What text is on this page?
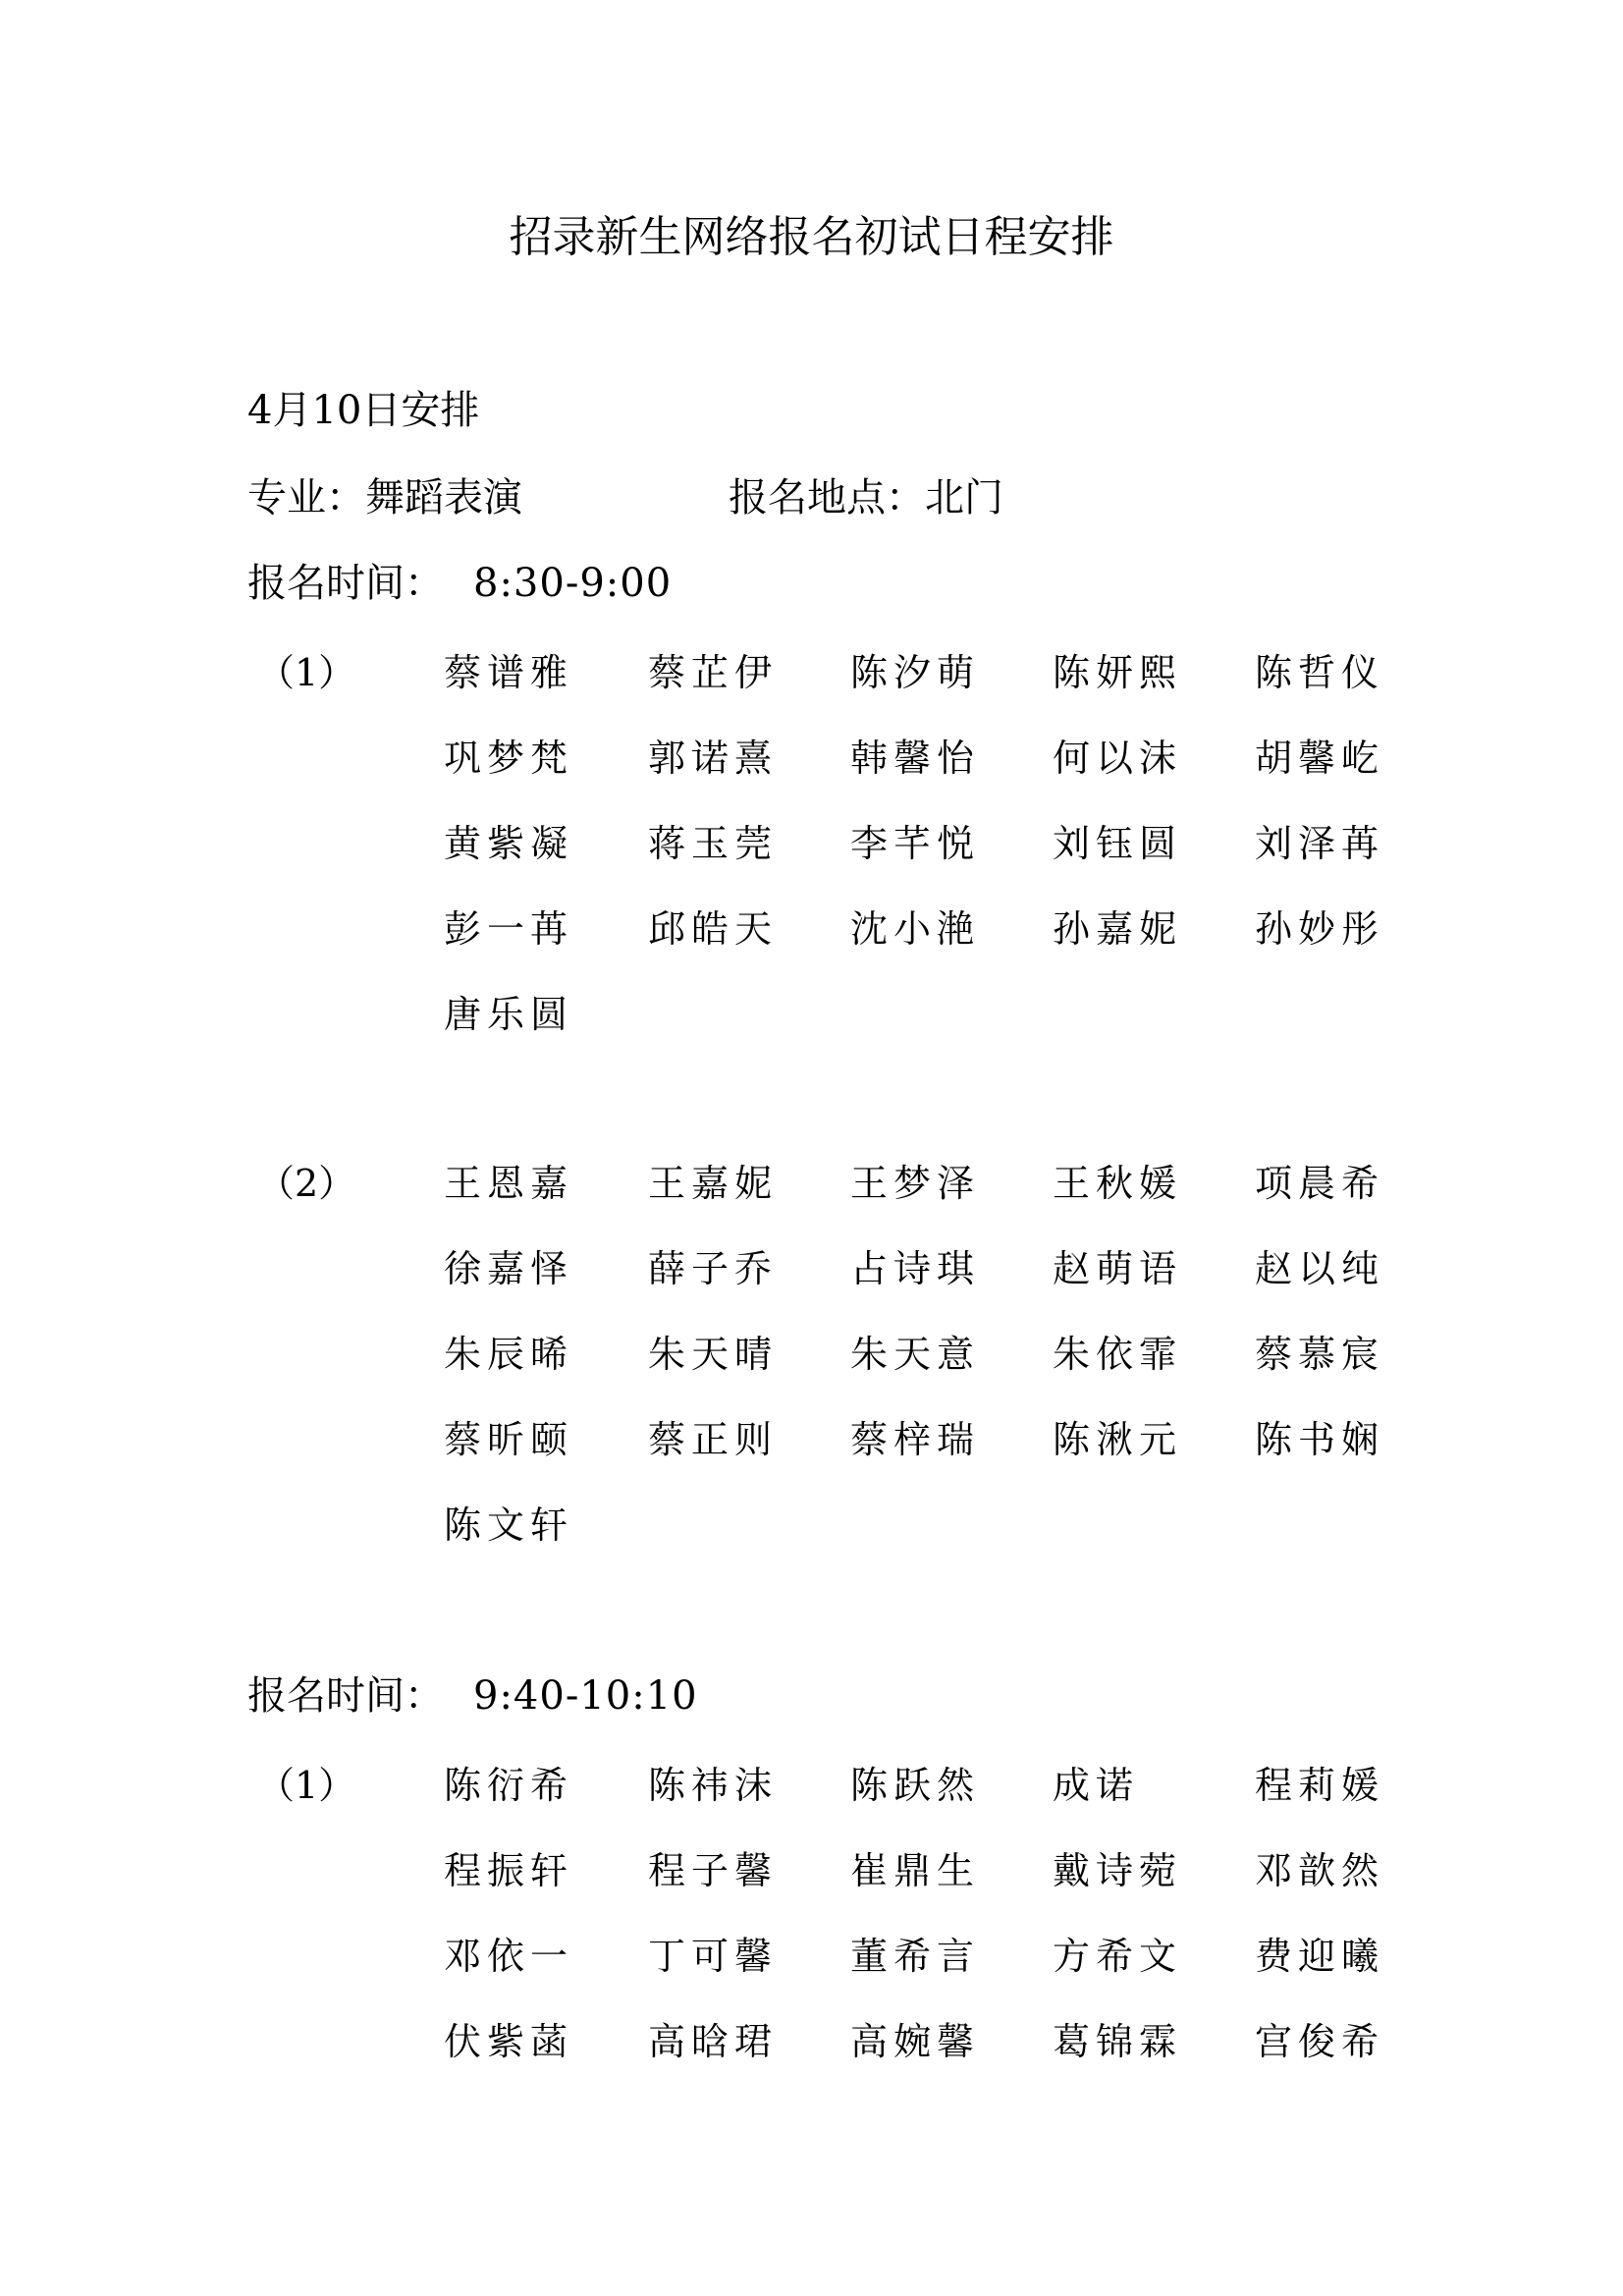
招录新生网络报名初试日程安排
4月10日安排
专业：舞蹈表演	报名地点：北门
报名时间： 8:30-9:00
报名时间： 9:40-10:10
（1） 蔡谱雅 蔡芷伊 陈汐萌 陈妍熙 陈哲仪
巩梦梵 郭诺熹 韩馨怡 何以沫 胡馨屹
黄紫凝 蒋玉莞 李芊悦 刘钰圆 刘泽苒
彭一苒 邱皓天 沈小滟 孙嘉妮 孙妙彤
唐乐圆
（2） 王恩嘉 王嘉妮 王梦泽 王秋媛 项晨希
徐嘉怿 薛子乔 占诗琪 赵萌语 赵以纯
朱辰晞 朱天晴 朱天意 朱依霏 蔡慕宸
蔡昕颐 蔡正则 蔡梓瑞 陈湫元 陈书娴
陈文轩
（1） 陈衍希 陈祎沫 陈跃然 成诺	程莉媛
程振轩 程子馨 崔鼎生 戴诗菀 邓歆然
邓依一 丁可馨 董希言 方希文 费迎曦
伏紫菡 高晗珺 高婉馨 葛锦霖 宫俊希
